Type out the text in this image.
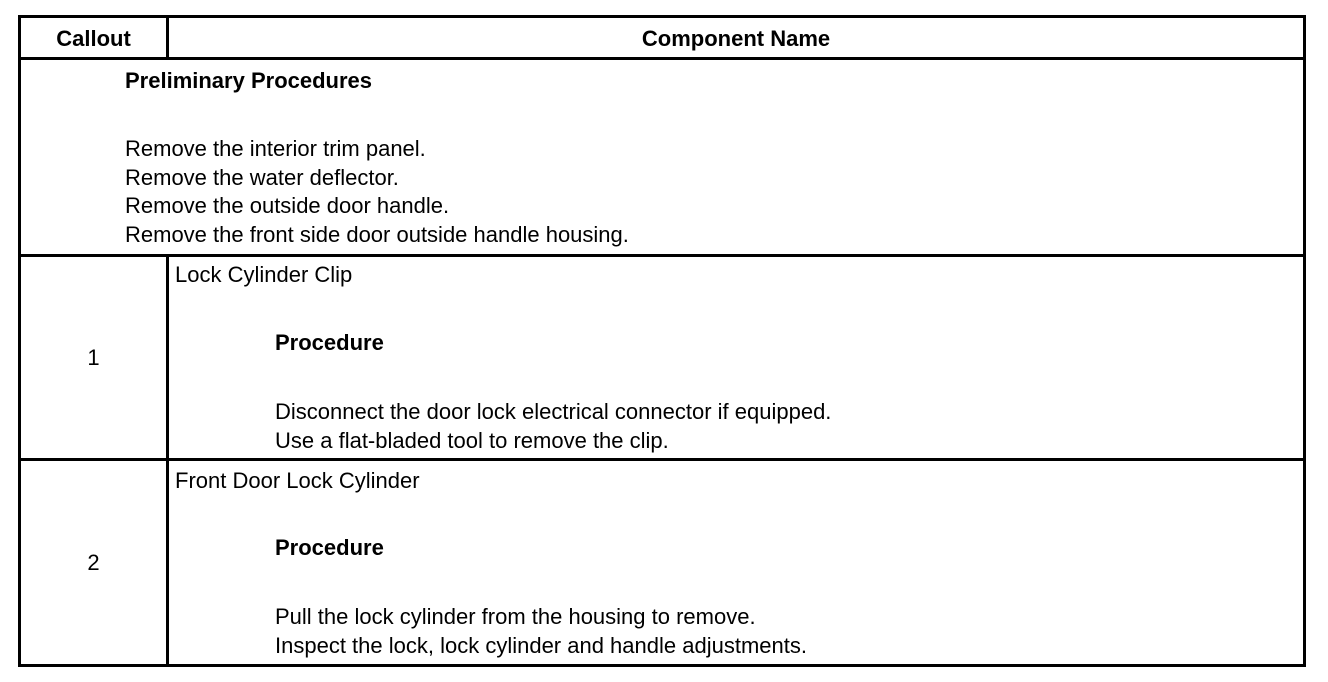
Callout	Component Name
Preliminary Procedures
Remove the interior trim panel.
Remove the water deflector.
Remove the outside door handle.
Remove the front side door outside handle housing.
1
Lock Cylinder Clip
Procedure
Disconnect the door lock electrical connector if equipped.
Use a flat-bladed tool to remove the clip.
2
Front Door Lock Cylinder
Procedure
Pull the lock cylinder from the housing to remove.
Inspect the lock, lock cylinder and handle adjustments.
